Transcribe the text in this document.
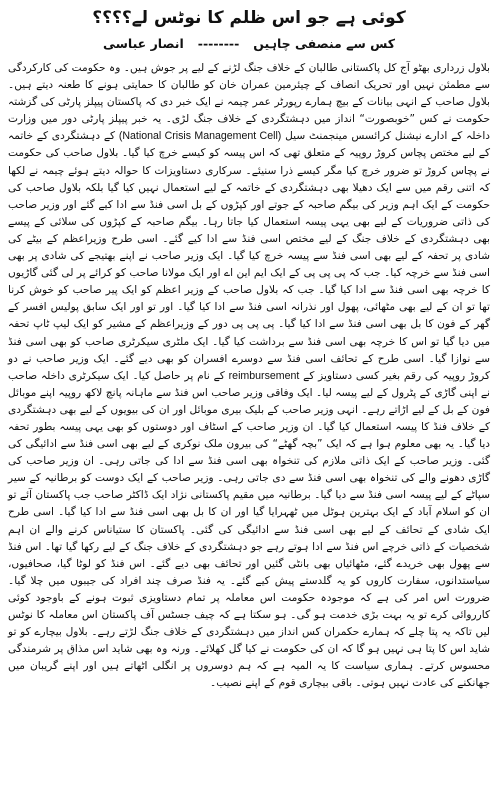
کوئی ہے جو اس ظلم کا نوٹس لے؟؟؟؟
کس سے منصفی چاہیں
--------
انصار عباسی

بلاول زرداری بھٹو آج کل پاکستانی طالبان کے خلاف جنگ لڑنے کے لیے پر جوش ہیں۔ وہ حکومت کی کارکردگی سے مطمئن نہیں اور تحریک انصاف کے چیئرمین عمران خان کو طالبان کا حمایتی ہونے کا طعنہ دیتے ہیں۔ بلاول صاحب کے انہی بیانات کے بیچ ہمارے رپورٹر عمر چیمہ نے ایک خبر دی کہ پاکستان پیپلز پارٹی کی گزشتہ حکومت نے کس ”خوبصورت“ انداز میں دہشتگردی کے خلاف جنگ لڑی۔ یہ خبر پیپلز پارٹی دور میں وزارت داخلہ کے ادارے نیشنل کرائسس مینجمنٹ سیل (National Crisis Management Cell) کے دہشتگردی کے خاتمہ کے لیے مختص پچاس کروڑ روپیہ کے متعلق تھی کہ اس پیسہ کو کیسے خرچ کیا گیا۔ بلاول صاحب کی حکومت نے پچاس کروڑ تو ضرور خرچ کیا مگر کیسے ذرا سنیئے۔ سرکاری دستاویزات کا حوالہ دیتے ہوئے چیمہ نے لکھا کہ اتنی رقم میں سے ایک دھیلا بھی دہشتگردی کے خاتمہ کے لیے استعمال نہیں کیا گیا بلکہ بلاول صاحب کی حکومت کے ایک اہم وزیر کی بیگم صاحبہ کے جوتے اور کپڑوں کے بل اسی فنڈ سے ادا کیے گئے اور وزیر صاحب کی ذاتی ضروریات کے لیے بھی یہی پیسہ استعمال کیا جاتا رہا۔ بیگم صاحبہ کے کپڑوں کی سلائی کے پیسے بھی دہشتگردی کے خلاف جنگ کے لیے مختص اسی فنڈ سے ادا کیے گئے۔ اسی طرح وزیراعظم کے بیٹے کی شادی پر تحفہ کے لیے بھی اسی فنڈ سے پیسہ خرچ کیا گیا۔ ایک وزیر صاحب نے اپنے بھتیجے کی شادی پر بھی اسی فنڈ سے خرچہ کیا۔ جب کہ پی پی پی کے ایک ایم این اے اور ایک مولانا صاحب کو کرائے پر لی گئی گاڑیوں کا خرچہ بھی اسی فنڈ سے ادا کیا گیا۔ جب کہ بلاول صاحب کے وزیر اعظم کو ایک پیر صاحب کو خوش کرنا تھا تو ان کے لیے بھی مٹھائی، پھول اور نذرانہ اسی فنڈ سے ادا کیا گیا۔ اور تو اور ایک سابق پولیس افسر کے گھر کے فون کا بل بھی اسی فنڈ سے ادا کیا گیا۔ پی پی پی دور کے وزیراعظم کے مشیر کو ایک لیپ ٹاپ تحفہ میں دیا گیا تو اس کا خرچہ بھی اسی فنڈ سے برداشت کیا گیا۔ ایک ملٹری سیکرٹری صاحب کو بھی اسی فنڈ سے نوازا گیا۔ اسی طرح کے تحائف اسی فنڈ سے دوسرے افسران کو بھی دیے گئے۔ ایک وزیر صاحب نے دو کروڑ روپیہ کی رقم بغیر کسی دستاویز کے reimbursement کے نام پر حاصل کیا۔ ایک سیکرٹری داخلہ صاحب نے اپنی گاڑی کے پٹرول کے لیے پیسہ لیا۔ ایک وفاقی وزیر صاحب اس فنڈ سے ماہانہ پانچ لاکھ روپیہ اپنے موبائل فون کے بل کے لیے اڑاتے رہے۔ انہی وزیر صاحب کے بلیک بیری موبائل اور ان کی بیویوں کے لیے بھی دہشتگردی کے خلاف فنڈ کا پیسہ استعمال کیا گیا۔ ان وزیر صاحب کے اسٹاف اور دوستوں کو بھی یہی پیسہ بطور تحفہ دیا گیا۔ یہ بھی معلوم ہوا ہے کہ ایک ”بچہ گھٹے“ کی بیرون ملک نوکری کے لیے بھی اسی فنڈ سے ادائیگی کی گئی۔ وزیر صاحب کے ایک ذاتی ملازم کی تنخواہ بھی اسی فنڈ سے ادا کی جاتی رہی۔ ان وزیر صاحب کی گاڑی دھونے والے کی تنخواہ بھی اسی فنڈ سے دی جاتی رہی۔ وزیر صاحب کے ایک دوست کو برطانیہ کے سیر سپاٹے کے لیے پیسہ اسی فنڈ سے دیا گیا۔ برطانیہ میں مقیم پاکستانی نژاد ایک ڈاکٹر صاحب جب پاکستان آئے تو ان کو اسلام آباد کے ایک بہترین ہوٹل میں ٹھہرایا گیا اور ان کا بل بھی اسی فنڈ سے ادا کیا گیا۔ اسی طرح ایک شادی کے تحائف کے لیے بھی اسی فنڈ سے ادائیگی کی گئی۔ پاکستان کا ستیاناس کرنے والے ان اہم شخصیات کے ذاتی خرچے اس فنڈ سے ادا ہوتے رہے جو دہشتگردی کے خلاف جنگ کے لیے رکھا گیا تھا۔ اس فنڈ سے پھول بھی خریدے گئے، مٹھائیاں بھی بانٹی گئیں اور تحائف بھی دیے گئے۔ اس فنڈ کو لوٹا گیا، صحافیوں، سیاستدانوں، سفارت کاروں کو یہ گلدستے پیش کیے گئے۔ یہ فنڈ صرف چند افراد کی جیبوں میں چلا گیا۔ ضرورت اس امر کی ہے کہ موجودہ حکومت اس معاملہ پر تمام دستاویزی ثبوت ہونے کے باوجود کوئی کارروائی کرے تو یہ بہت بڑی خدمت ہو گی۔ ہو سکتا ہے کہ چیف جسٹس آف پاکستان اس معاملہ کا نوٹس لیں تاکہ یہ پتا چلے کہ ہمارے حکمران کس انداز میں دہشتگردی کے خلاف جنگ لڑتے رہے۔ بلاول بیچارے کو تو شاید اس کا پتا ہی نہیں ہو گا کہ ان کی حکومت نے کیا گل کھلائے۔ ورنہ وہ بھی شاید اس مذاق پر شرمندگی محسوس کرتے۔ ہماری سیاست کا یہ المیہ ہے کہ ہم دوسروں پر انگلی اٹھاتے ہیں اور اپنے گریبان میں جھانکنے کی عادت نہیں ہوتی۔ باقی بیچاری قوم کے اپنے نصیب۔
